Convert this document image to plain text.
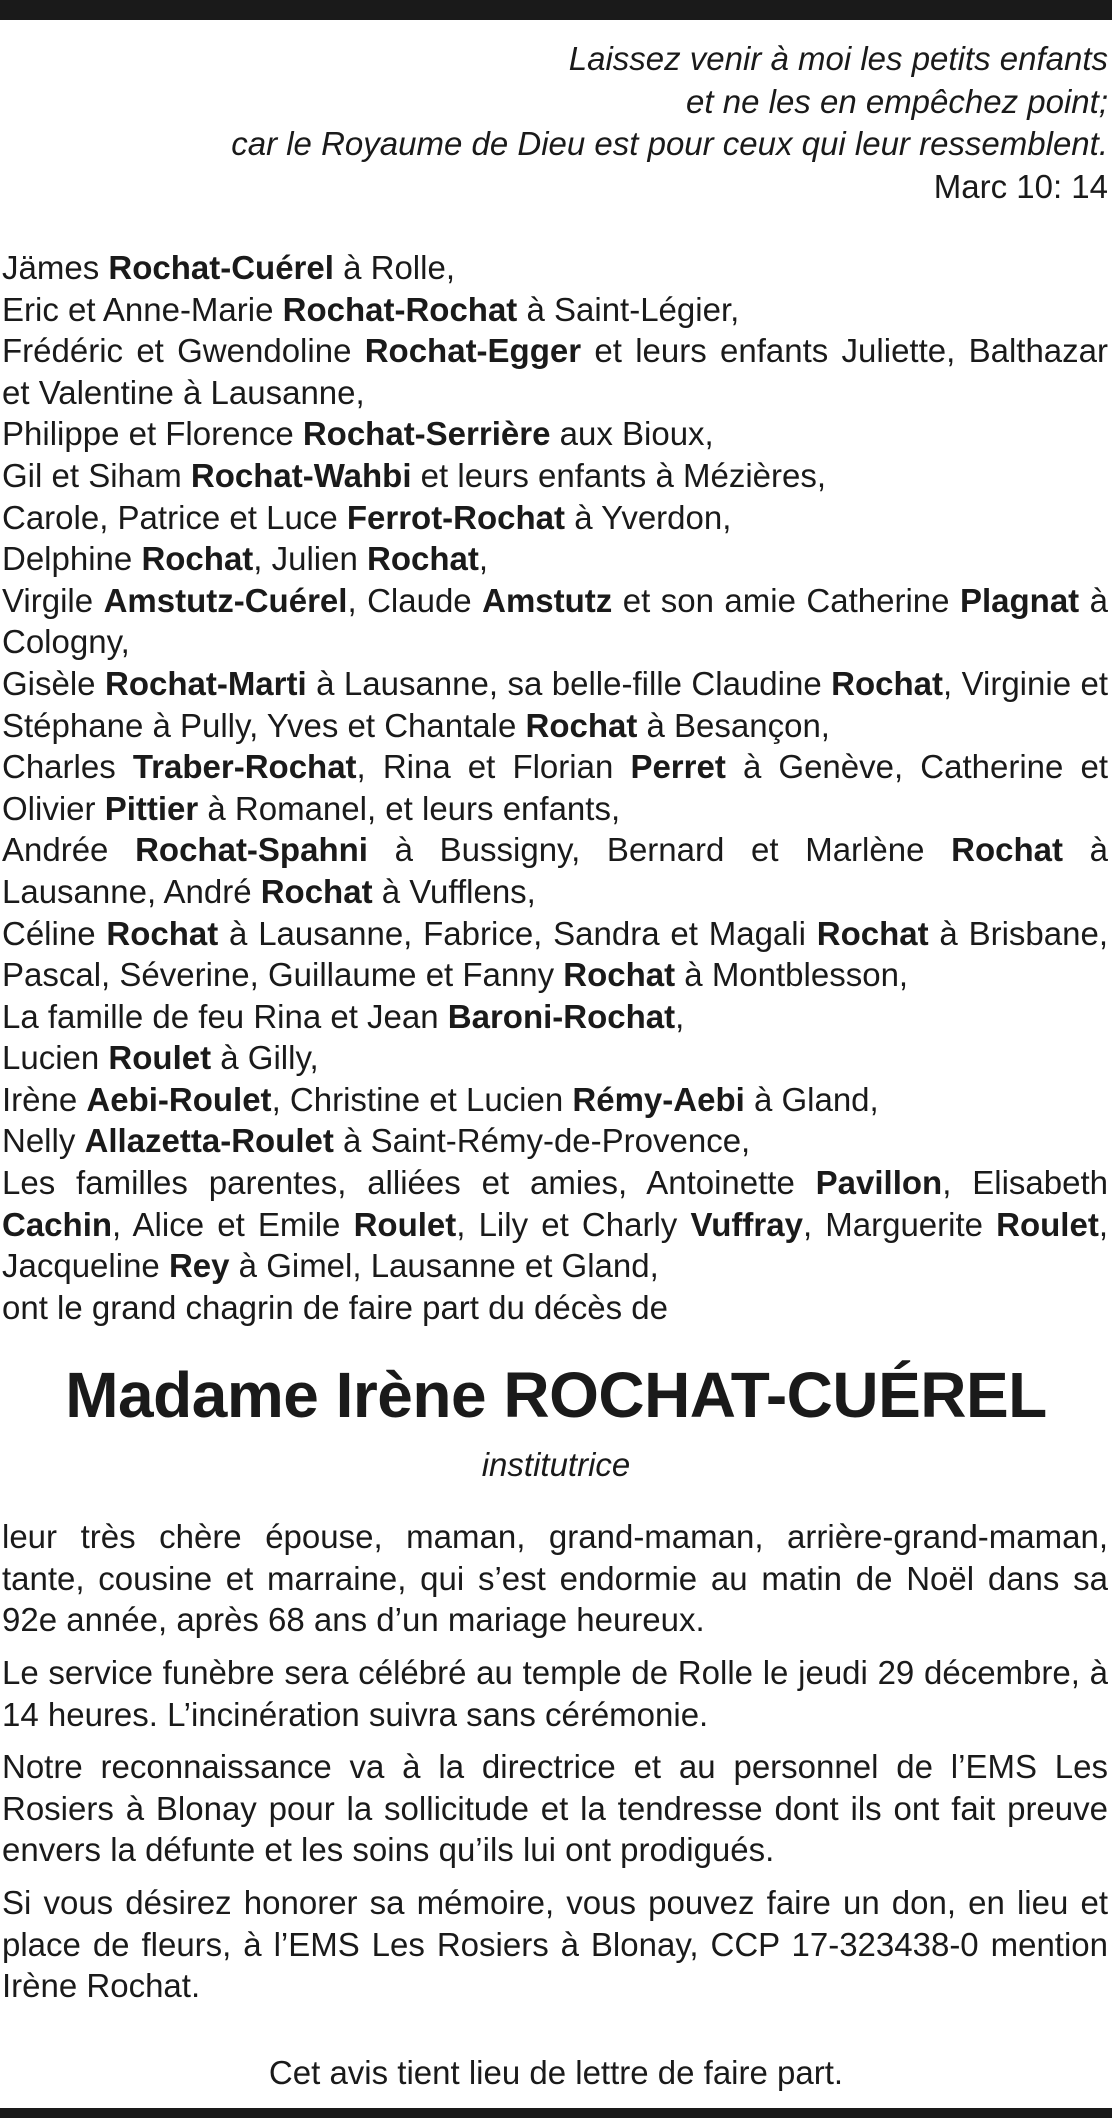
Laissez venir à moi les petits enfants
et ne les en empêchez point;
car le Royaume de Dieu est pour ceux qui leur ressemblent.
Marc 10: 14
Jämes Rochat-Cuérel à Rolle,
Eric et Anne-Marie Rochat-Rochat à Saint-Légier,
Frédéric et Gwendoline Rochat-Egger et leurs enfants Juliette, Balthazar et Valentine à Lausanne,
Philippe et Florence Rochat-Serrière aux Bioux,
Gil et Siham Rochat-Wahbi et leurs enfants à Mézières,
Carole, Patrice et Luce Ferrot-Rochat à Yverdon,
Delphine Rochat, Julien Rochat,
Virgile Amstutz-Cuérel, Claude Amstutz et son amie Catherine Plagnat à Cologny,
Gisèle Rochat-Marti à Lausanne, sa belle-fille Claudine Rochat, Virginie et Stéphane à Pully, Yves et Chantale Rochat à Besançon,
Charles Traber-Rochat, Rina et Florian Perret à Genève, Catherine et Olivier Pittier à Romanel, et leurs enfants,
Andrée Rochat-Spahni à Bussigny, Bernard et Marlène Rochat à Lausanne, André Rochat à Vufflens,
Céline Rochat à Lausanne, Fabrice, Sandra et Magali Rochat à Brisbane, Pascal, Séverine, Guillaume et Fanny Rochat à Montblesson,
La famille de feu Rina et Jean Baroni-Rochat,
Lucien Roulet à Gilly,
Irène Aebi-Roulet, Christine et Lucien Rémy-Aebi à Gland,
Nelly Allazetta-Roulet à Saint-Rémy-de-Provence,
Les familles parentes, alliées et amies, Antoinette Pavillon, Elisabeth Cachin, Alice et Emile Roulet, Lily et Charly Vuffray, Marguerite Roulet, Jacqueline Rey à Gimel, Lausanne et Gland,
ont le grand chagrin de faire part du décès de
Madame Irène ROCHAT-CUÉREL
institutrice

leur très chère épouse, maman, grand-maman, arrière-grand-maman, tante, cousine et marraine, qui s’est endormie au matin de Noël dans sa 92e année, après 68 ans d’un mariage heureux.

Le service funèbre sera célébré au temple de Rolle le jeudi 29 décembre, à 14 heures. L’incinération suivra sans cérémonie.

Notre reconnaissance va à la directrice et au personnel de l’EMS Les Rosiers à Blonay pour la sollicitude et la tendresse dont ils ont fait preuve envers la défunte et les soins qu’ils lui ont prodigués.

Si vous désirez honorer sa mémoire, vous pouvez faire un don, en lieu et place de fleurs, à l’EMS Les Rosiers à Blonay, CCP 17-323438-0 mention Irène Rochat.

Cet avis tient lieu de lettre de faire part.
